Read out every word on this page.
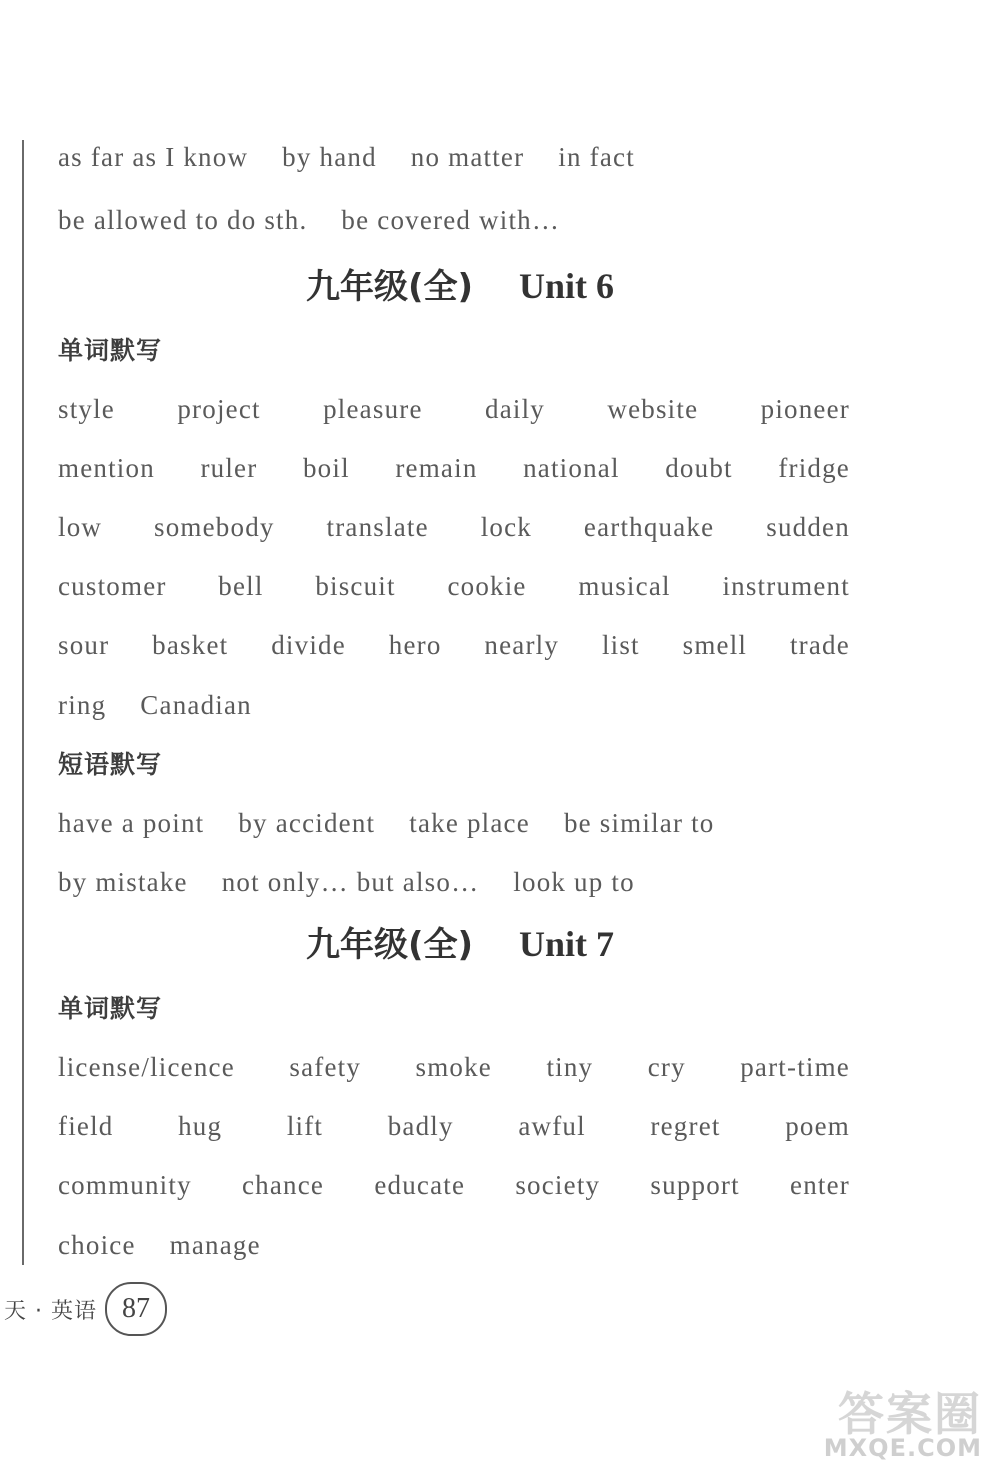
as far as I know by hand no matter in fact
be allowed to do sth. be covered with…
九年级(全) Unit 6
单词默写
style project pleasure daily website pioneer
mention ruler boil remain national doubt fridge
low somebody translate lock earthquake sudden
customer bell biscuit cookie musical instrument
sour basket divide hero nearly list smell trade
ring Canadian
短语默写
have a point by accident take place be similar to
by mistake not only… but also… look up to
九年级(全) Unit 7
单词默写
license/licence safety smoke tiny cry part-time
field hug lift badly awful regret poem
community chance educate society support enter
choice manage
天 · 英语 87
答案圈
MXQE.COM
